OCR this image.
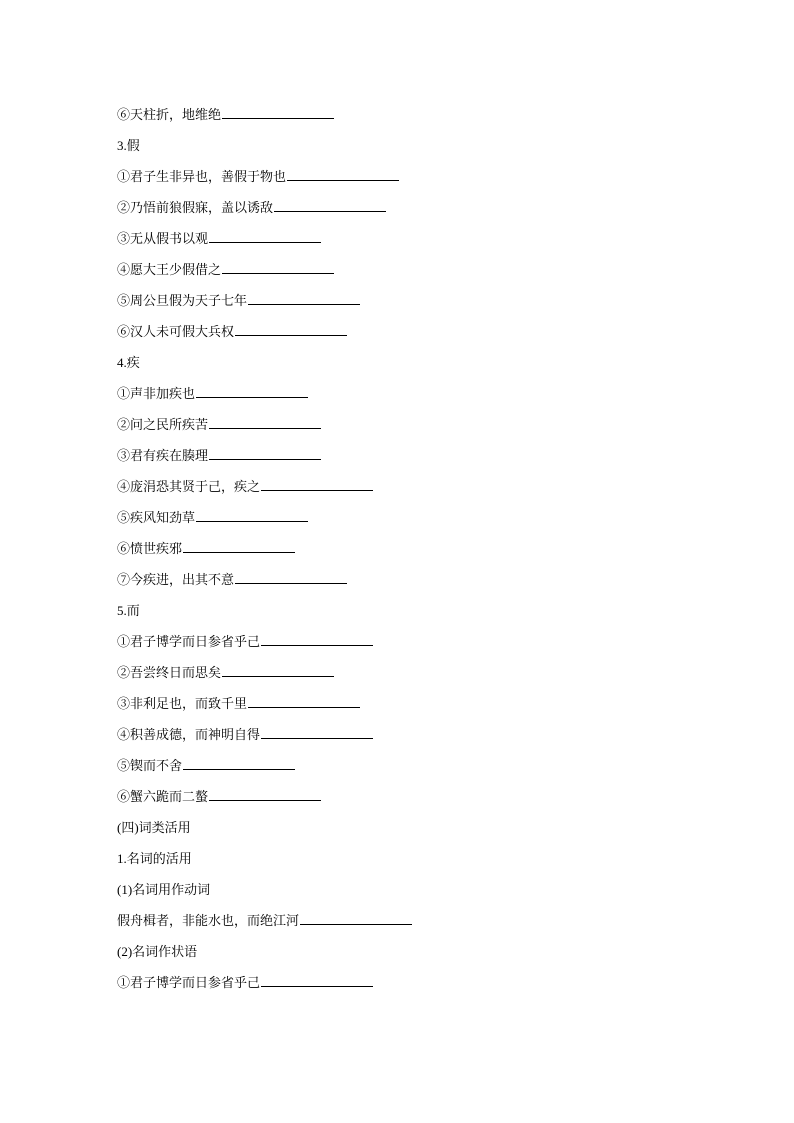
⑥天柱折，地维绝
3.假
①君子生非异也，善假于物也
②乃悟前狼假寐，盖以诱敌
③无从假书以观
④愿大王少假借之
⑤周公旦假为天子七年
⑥汉人未可假大兵权
4.疾
①声非加疾也
②问之民所疾苦
③君有疾在腠理
④庞涓恐其贤于己，疾之
⑤疾风知劲草
⑥愤世疾邪
⑦今疾进，出其不意
5.而
①君子博学而日参省乎己
②吾尝终日而思矣
③非利足也，而致千里
④积善成德，而神明自得
⑤锲而不舍
⑥蟹六跪而二螯
(四)词类活用
1.名词的活用
(1)名词用作动词
假舟楫者，非能水也，而绝江河
(2)名词作状语
①君子博学而日参省乎己
